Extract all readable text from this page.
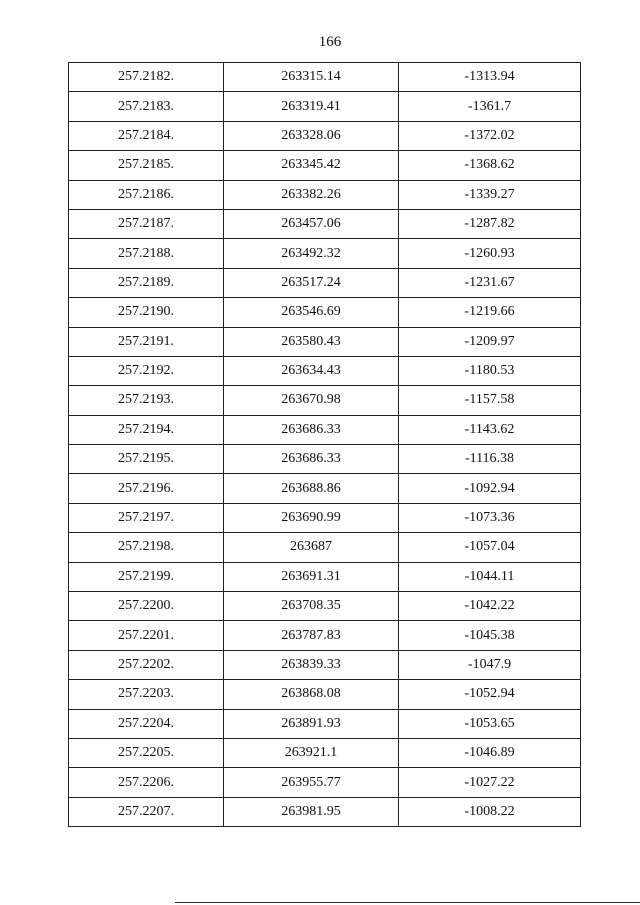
166
257.2182.	263315.14	-1313.94
257.2183.	263319.41	-1361.7
257.2184.	263328.06	-1372.02
257.2185.	263345.42	-1368.62
257.2186.	263382.26	-1339.27
257.2187.	263457.06	-1287.82
257.2188.	263492.32	-1260.93
257.2189.	263517.24	-1231.67
257.2190.	263546.69	-1219.66
257.2191.	263580.43	-1209.97
257.2192.	263634.43	-1180.53
257.2193.	263670.98	-1157.58
257.2194.	263686.33	-1143.62
257.2195.	263686.33	-1116.38
257.2196.	263688.86	-1092.94
257.2197.	263690.99	-1073.36
257.2198.	263687	-1057.04
257.2199.	263691.31	-1044.11
257.2200.	263708.35	-1042.22
257.2201.	263787.83	-1045.38
257.2202.	263839.33	-1047.9
257.2203.	263868.08	-1052.94
257.2204.	263891.93	-1053.65
257.2205.	263921.1	-1046.89
257.2206.	263955.77	-1027.22
257.2207.	263981.95	-1008.22
